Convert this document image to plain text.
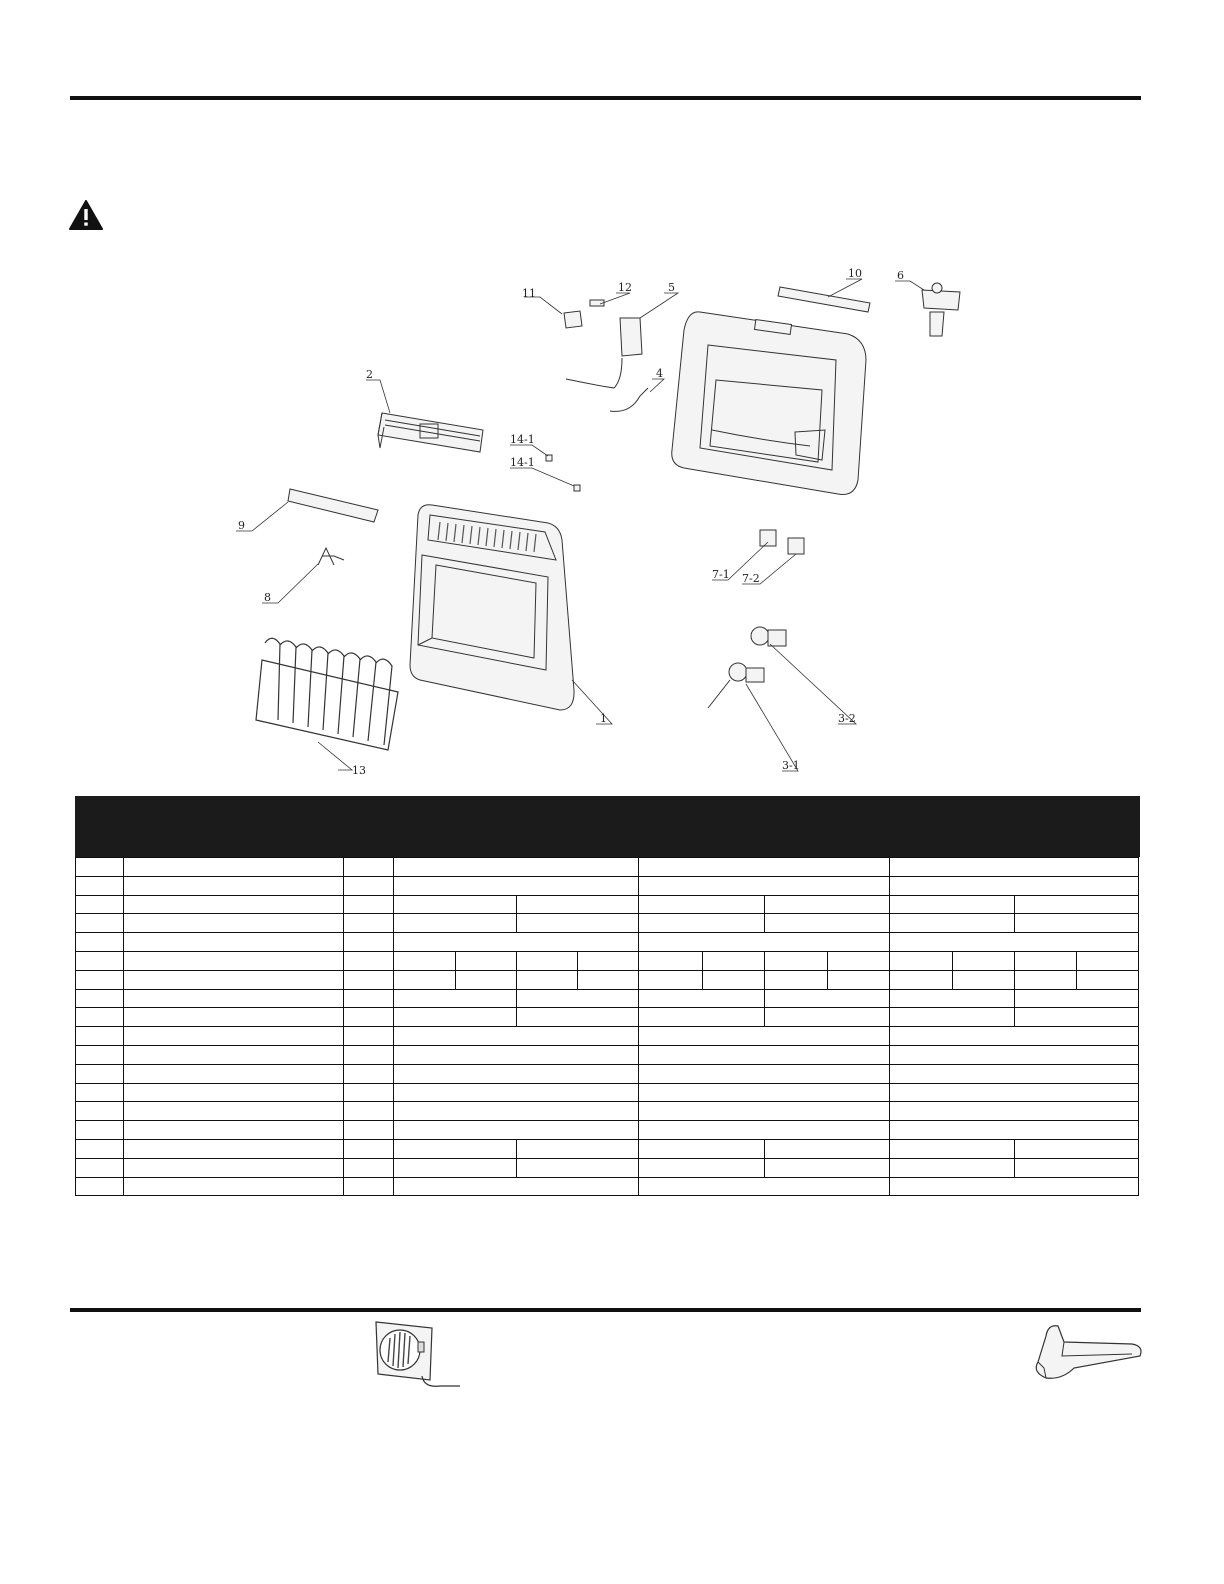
11	12	5
10	6
2	4
14-1
14-1
9
8
13
1
7-1 7-2
3-2
3-1
